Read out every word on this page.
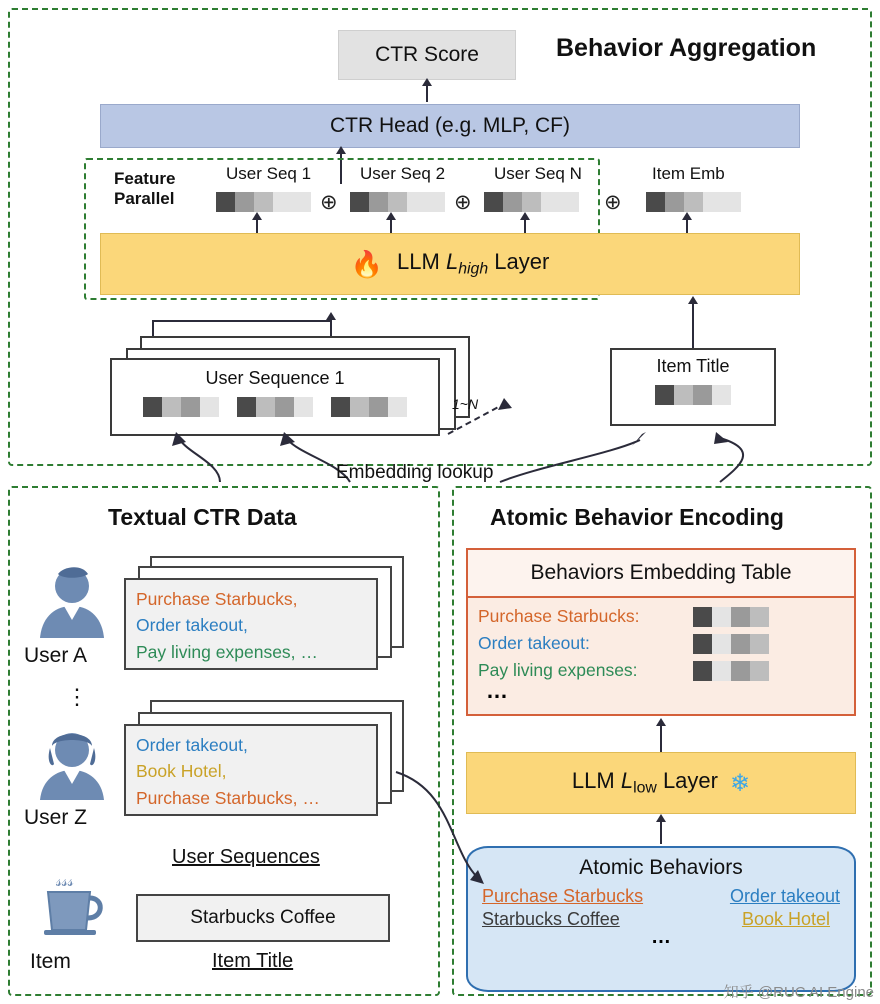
Behavior Aggregation
CTR Score
CTR Head (e.g. MLP, CF)
Feature
Parallel
User Seq 1	User Seq 2	User Seq N	Item Emb
⊕	⊕	⊕
🔥 LLM $L_{high}$ Layer
User Sequence 1
1~N
Item Title
Embedding lookup
Textual CTR Data
User A
⋮
User Z
𝓈𝓈𝓈
Item
Purchase Starbucks,
Order takeout,
Pay living expenses, …
Order takeout,
Book Hotel,
Purchase Starbucks, …
User Sequences
Starbucks Coffee
Item Title
Atomic Behavior Encoding
Behaviors Embedding Table
Purchase Starbucks:
Order takeout:
Pay living expenses:
…
LLM $L_{low}$ Layer ❄
Atomic Behaviors
Purchase Starbucks	Order takeout
Starbucks Coffee	Book Hotel
…
知乎 @RUC AI Engine
